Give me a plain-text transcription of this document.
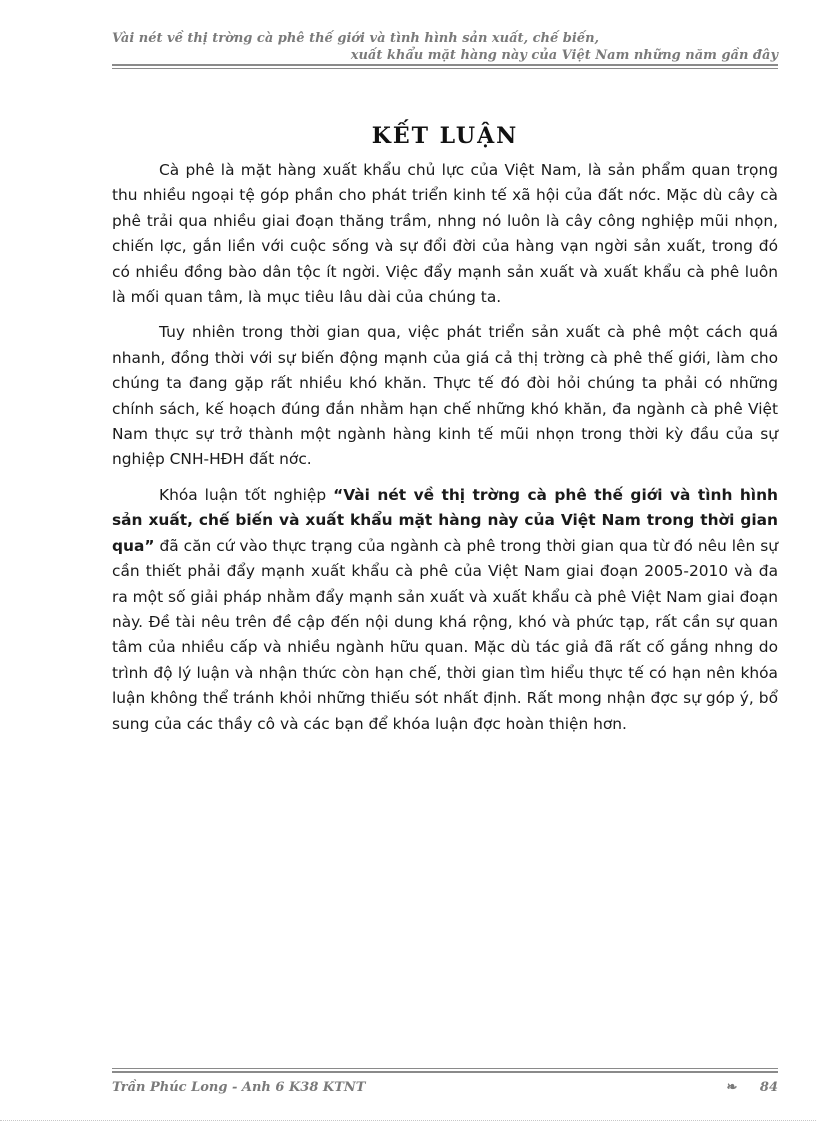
Vài nét về thị trờng cà phê thế giới và tình hình sản xuất, chế biến,
xuất khẩu mặt hàng này của Việt Nam những năm gần đây
KẾT LUẬN

Cà phê là mặt hàng xuất khẩu chủ lực của Việt Nam, là sản phẩm quan trọng thu nhiều ngoại tệ góp phần cho phát triển kinh tế xã hội của đất nớc. Mặc dù cây cà phê trải qua nhiều giai đoạn thăng trầm, nhng nó luôn là cây công nghiệp mũi nhọn, chiến lợc, gắn liền với cuộc sống và sự đổi đời của hàng vạn ngời sản xuất, trong đó có nhiều đồng bào dân tộc ít ngời. Việc đẩy mạnh sản xuất và xuất khẩu cà phê luôn là mối quan tâm, là mục tiêu lâu dài của chúng ta.

Tuy nhiên trong thời gian qua, việc phát triển sản xuất cà phê một cách quá nhanh, đồng thời với sự biến động mạnh của giá cả thị trờng cà phê thế giới, làm cho chúng ta đang gặp rất nhiều khó khăn. Thực tế đó đòi hỏi chúng ta phải có những chính sách, kế hoạch đúng đắn nhằm hạn chế những khó khăn, đa ngành cà phê Việt Nam thực sự trở thành một ngành hàng kinh tế mũi nhọn trong thời kỳ đầu của sự nghiệp CNH-HĐH đất nớc.

Khóa luận tốt nghiệp “Vài nét về thị trờng cà phê thế giới và tình hình sản xuất, chế biến và xuất khẩu mặt hàng này của Việt Nam trong thời gian qua” đã căn cứ vào thực trạng của ngành cà phê trong thời gian qua từ đó nêu lên sự cần thiết phải đẩy mạnh xuất khẩu cà phê của Việt Nam giai đoạn 2005-2010 và đa ra một số giải pháp nhằm đẩy mạnh sản xuất và xuất khẩu cà phê Việt Nam giai đoạn này. Đề tài nêu trên đề cập đến nội dung khá rộng, khó và phức tạp, rất cần sự quan tâm của nhiều cấp và nhiều ngành hữu quan. Mặc dù tác giả đã rất cố gắng nhng do trình độ lý luận và nhận thức còn hạn chế, thời gian tìm hiểu thực tế có hạn nên khóa luận không thể tránh khỏi những thiếu sót nhất định. Rất mong nhận đợc sự góp ý, bổ sung của các thầy cô và các bạn để khóa luận đợc hoàn thiện hơn.

Trần Phúc Long - Anh 6 K38 KTNT	❧ 84
